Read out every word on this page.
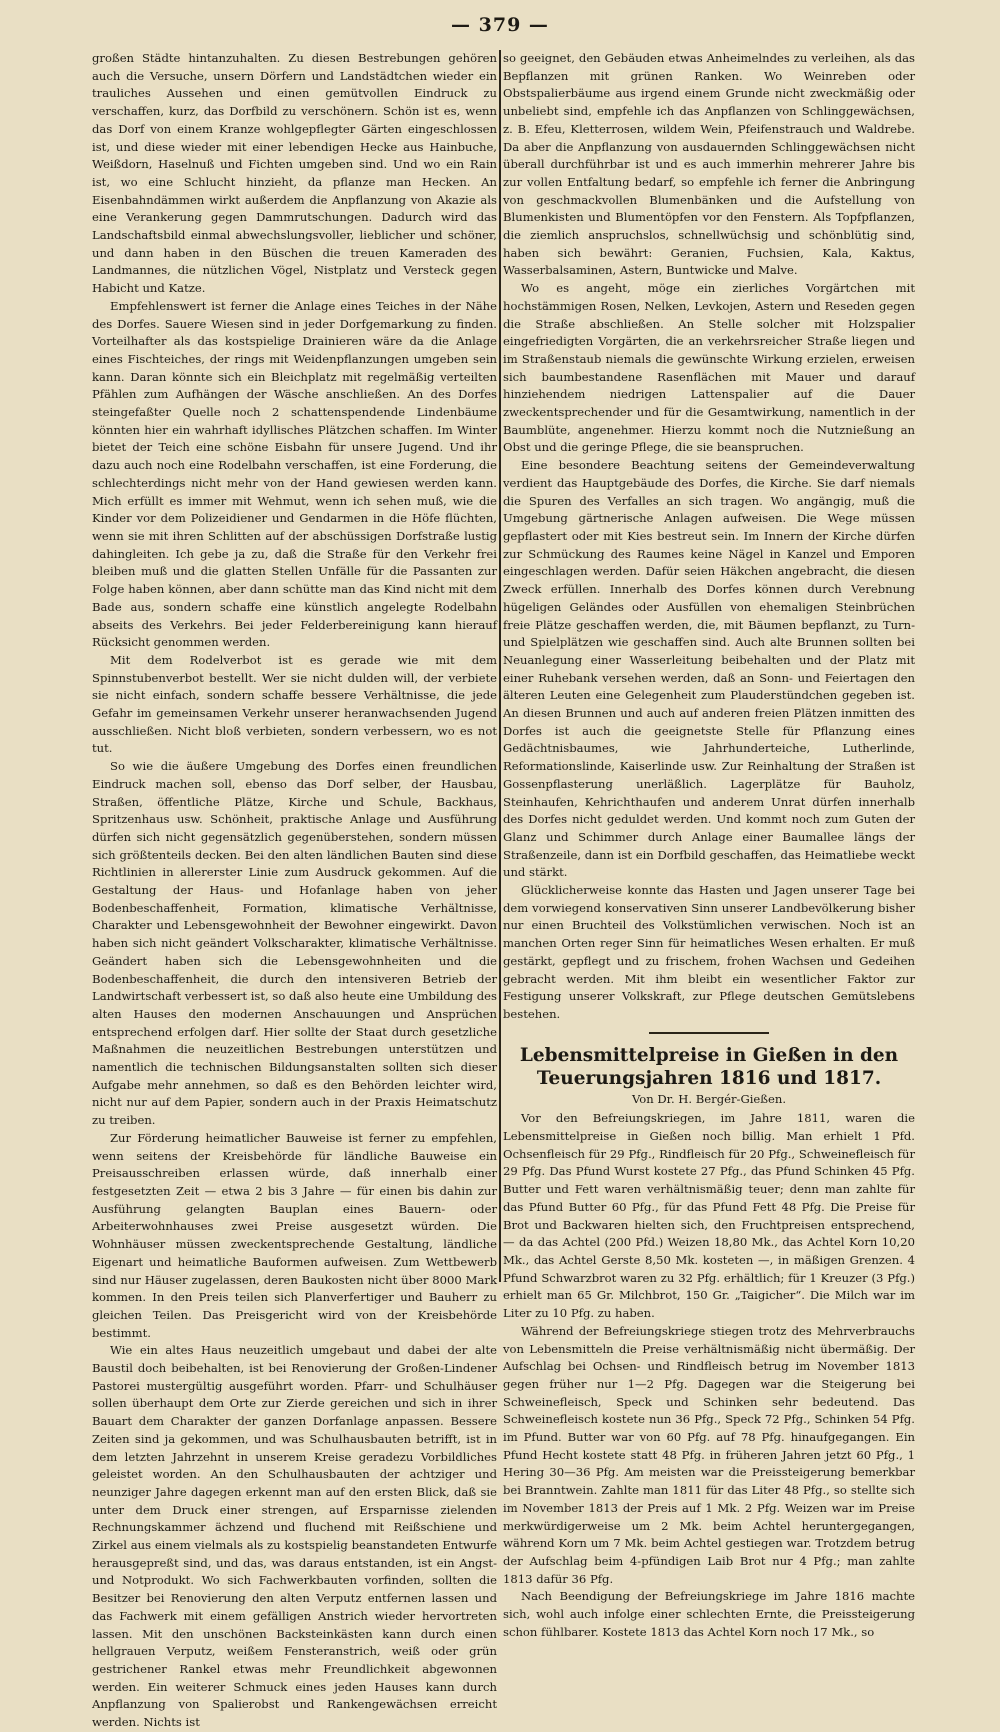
— 379 —

großen Städte hintanzuhalten. Zu diesen Bestrebungen gehören auch die Versuche, unsern Dörfern und Landstädtchen wieder ein trauliches Aussehen und einen gemütvollen Eindruck zu verschaffen, kurz, das Dorfbild zu verschönern. Schön ist es, wenn das Dorf von einem Kranze wohlgepflegter Gärten eingeschlossen ist, und diese wieder mit einer lebendigen Hecke aus Hainbuche, Weißdorn, Haselnuß und Fichten umgeben sind. Und wo ein Rain ist, wo eine Schlucht hinzieht, da pflanze man Hecken. An Eisenbahndämmen wirkt außerdem die Anpflanzung von Akazie als eine Verankerung gegen Dammrutschungen. Dadurch wird das Landschaftsbild einmal abwechslungsvoller, lieblicher und schöner, und dann haben in den Büschen die treuen Kameraden des Landmannes, die nützlichen Vögel, Nistplatz und Versteck gegen Habicht und Katze.

Empfehlenswert ist ferner die Anlage eines Teiches in der Nähe des Dorfes. Sauere Wiesen sind in jeder Dorfgemarkung zu finden. Vorteilhafter als das kostspielige Drainieren wäre da die Anlage eines Fischteiches, der rings mit Weidenpflanzungen umgeben sein kann. Daran könnte sich ein Bleichplatz mit regelmäßig verteilten Pfählen zum Aufhängen der Wäsche anschließen. An des Dorfes steingefaßter Quelle noch 2 schattenspendende Lindenbäume könnten hier ein wahrhaft idyllisches Plätzchen schaffen. Im Winter bietet der Teich eine schöne Eisbahn für unsere Jugend. Und ihr dazu auch noch eine Rodelbahn verschaffen, ist eine Forderung, die schlechterdings nicht mehr von der Hand gewiesen werden kann. Mich erfüllt es immer mit Wehmut, wenn ich sehen muß, wie die Kinder vor dem Polizeidiener und Gendarmen in die Höfe flüchten, wenn sie mit ihren Schlitten auf der abschüssigen Dorfstraße lustig dahingleiten. Ich gebe ja zu, daß die Straße für den Verkehr frei bleiben muß und die glatten Stellen Unfälle für die Passanten zur Folge haben können, aber dann schütte man das Kind nicht mit dem Bade aus, sondern schaffe eine künstlich angelegte Rodelbahn abseits des Verkehrs. Bei jeder Felderbereinigung kann hierauf Rücksicht genommen werden.

Mit dem Rodelverbot ist es gerade wie mit dem Spinnstubenverbot bestellt. Wer sie nicht dulden will, der verbiete sie nicht einfach, sondern schaffe bessere Verhältnisse, die jede Gefahr im gemeinsamen Verkehr unserer heranwachsenden Jugend ausschließen. Nicht bloß verbieten, sondern verbessern, wo es not tut.

So wie die äußere Umgebung des Dorfes einen freundlichen Eindruck machen soll, ebenso das Dorf selber, der Hausbau, Straßen, öffentliche Plätze, Kirche und Schule, Backhaus, Spritzenhaus usw. Schönheit, praktische Anlage und Ausführung dürfen sich nicht gegensätzlich gegenüberstehen, sondern müssen sich größtenteils decken. Bei den alten ländlichen Bauten sind diese Richtlinien in allererster Linie zum Ausdruck gekommen. Auf die Gestaltung der Haus- und Hofanlage haben von jeher Bodenbeschaffenheit, Formation, klimatische Verhältnisse, Charakter und Lebensgewohnheit der Bewohner eingewirkt. Davon haben sich nicht geändert Volkscharakter, klimatische Verhältnisse. Geändert haben sich die Lebensgewohnheiten und die Bodenbeschaffenheit, die durch den intensiveren Betrieb der Landwirtschaft verbessert ist, so daß also heute eine Umbildung des alten Hauses den modernen Anschauungen und Ansprüchen entsprechend erfolgen darf. Hier sollte der Staat durch gesetzliche Maßnahmen die neuzeitlichen Bestrebungen unterstützen und namentlich die technischen Bildungsanstalten sollten sich dieser Aufgabe mehr annehmen, so daß es den Behörden leichter wird, nicht nur auf dem Papier, sondern auch in der Praxis Heimatschutz zu treiben.

Zur Förderung heimatlicher Bauweise ist ferner zu empfehlen, wenn seitens der Kreisbehörde für ländliche Bauweise ein Preisausschreiben erlassen würde, daß innerhalb einer festgesetzten Zeit — etwa 2 bis 3 Jahre — für einen bis dahin zur Ausführung gelangten Bauplan eines Bauern- oder Arbeiterwohnhauses zwei Preise ausgesetzt würden. Die Wohnhäuser müssen zweckentsprechende Gestaltung, ländliche Eigenart und heimatliche Bauformen aufweisen. Zum Wettbewerb sind nur Häuser zugelassen, deren Baukosten nicht über 8000 Mark kommen. In den Preis teilen sich Planverfertiger und Bauherr zu gleichen Teilen. Das Preisgericht wird von der Kreisbehörde bestimmt.

Wie ein altes Haus neuzeitlich umgebaut und dabei der alte Baustil doch beibehalten, ist bei Renovierung der Großen-Lindener Pastorei mustergültig ausgeführt worden. Pfarr- und Schulhäuser sollen überhaupt dem Orte zur Zierde gereichen und sich in ihrer Bauart dem Charakter der ganzen Dorfanlage anpassen. Bessere Zeiten sind ja gekommen, und was Schulhausbauten betrifft, ist in dem letzten Jahrzehnt in unserem Kreise geradezu Vorbildliches geleistet worden. An den Schulhausbauten der achtziger und neunziger Jahre dagegen erkennt man auf den ersten Blick, daß sie unter dem Druck einer strengen, auf Ersparnisse zielenden Rechnungskammer ächzend und fluchend mit Reißschiene und Zirkel aus einem vielmals als zu kostspielig beanstandeten Entwurfe herausgepreßt sind, und das, was daraus entstanden, ist ein Angst- und Notprodukt. Wo sich Fachwerkbauten vorfinden, sollten die Besitzer bei Renovierung den alten Verputz entfernen lassen und das Fachwerk mit einem gefälligen Anstrich wieder hervortreten lassen. Mit den unschönen Backsteinkästen kann durch einen hellgrauen Verputz, weißem Fensteranstrich, weiß oder grün gestrichener Rankel etwas mehr Freundlichkeit abgewonnen werden. Ein weiterer Schmuck eines jeden Hauses kann durch Anpflanzung von Spalierobst und Rankengewächsen erreicht werden. Nichts ist

so geeignet, den Gebäuden etwas Anheimelndes zu verleihen, als das Bepflanzen mit grünen Ranken. Wo Weinreben oder Obstspalierbäume aus irgend einem Grunde nicht zweckmäßig oder unbeliebt sind, empfehle ich das Anpflanzen von Schlinggewächsen, z. B. Efeu, Kletterrosen, wildem Wein, Pfeifenstrauch und Waldrebe. Da aber die Anpflanzung von ausdauernden Schlinggewächsen nicht überall durchführbar ist und es auch immerhin mehrerer Jahre bis zur vollen Entfaltung bedarf, so empfehle ich ferner die Anbringung von geschmackvollen Blumenbänken und die Aufstellung von Blumenkisten und Blumentöpfen vor den Fenstern. Als Topfpflanzen, die ziemlich anspruchslos, schnellwüchsig und schönblütig sind, haben sich bewährt: Geranien, Fuchsien, Kala, Kaktus, Wasserbalsaminen, Astern, Buntwicke und Malve.

Wo es angeht, möge ein zierliches Vorgärtchen mit hochstämmigen Rosen, Nelken, Levkojen, Astern und Reseden gegen die Straße abschließen. An Stelle solcher mit Holzspalier eingefriedigten Vorgärten, die an verkehrsreicher Straße liegen und im Straßenstaub niemals die gewünschte Wirkung erzielen, erweisen sich baumbestandene Rasenflächen mit Mauer und darauf hinziehendem niedrigen Lattenspalier auf die Dauer zweckentsprechender und für die Gesamtwirkung, namentlich in der Baumblüte, angenehmer. Hierzu kommt noch die Nutznießung an Obst und die geringe Pflege, die sie beanspruchen.

Eine besondere Beachtung seitens der Gemeindeverwaltung verdient das Hauptgebäude des Dorfes, die Kirche. Sie darf niemals die Spuren des Verfalles an sich tragen. Wo angängig, muß die Umgebung gärtnerische Anlagen aufweisen. Die Wege müssen gepflastert oder mit Kies bestreut sein. Im Innern der Kirche dürfen zur Schmückung des Raumes keine Nägel in Kanzel und Emporen eingeschlagen werden. Dafür seien Häkchen angebracht, die diesen Zweck erfüllen. Innerhalb des Dorfes können durch Verebnung hügeligen Geländes oder Ausfüllen von ehemaligen Steinbrüchen freie Plätze geschaffen werden, die, mit Bäumen bepflanzt, zu Turn- und Spielplätzen wie geschaffen sind. Auch alte Brunnen sollten bei Neuanlegung einer Wasserleitung beibehalten und der Platz mit einer Ruhebank versehen werden, daß an Sonn- und Feiertagen den älteren Leuten eine Gelegenheit zum Plauderstündchen gegeben ist. An diesen Brunnen und auch auf anderen freien Plätzen inmitten des Dorfes ist auch die geeignetste Stelle für Pflanzung eines Gedächtnisbaumes, wie Jahrhunderteiche, Lutherlinde, Reformationslinde, Kaiserlinde usw. Zur Reinhaltung der Straßen ist Gossenpflasterung unerläßlich. Lagerplätze für Bauholz, Steinhaufen, Kehrichthaufen und anderem Unrat dürfen innerhalb des Dorfes nicht geduldet werden. Und kommt noch zum Guten der Glanz und Schimmer durch Anlage einer Baumallee längs der Straßenzeile, dann ist ein Dorfbild geschaffen, das Heimatliebe weckt und stärkt.

Glücklicherweise konnte das Hasten und Jagen unserer Tage bei dem vorwiegend konservativen Sinn unserer Landbevölkerung bisher nur einen Bruchteil des Volkstümlichen verwischen. Noch ist an manchen Orten reger Sinn für heimatliches Wesen erhalten. Er muß gestärkt, gepflegt und zu frischem, frohen Wachsen und Gedeihen gebracht werden. Mit ihm bleibt ein wesentlicher Faktor zur Festigung unserer Volkskraft, zur Pflege deutschen Gemütslebens bestehen.

Lebensmittelpreise in Gießen in den Teuerungsjahren 1816 und 1817.
Von Dr. H. Bergér-Gießen.

Vor den Befreiungskriegen, im Jahre 1811, waren die Lebensmittelpreise in Gießen noch billig. Man erhielt 1 Pfd. Ochsenfleisch für 29 Pfg., Rindfleisch für 20 Pfg., Schweinefleisch für 29 Pfg. Das Pfund Wurst kostete 27 Pfg., das Pfund Schinken 45 Pfg. Butter und Fett waren verhältnismäßig teuer; denn man zahlte für das Pfund Butter 60 Pfg., für das Pfund Fett 48 Pfg. Die Preise für Brot und Backwaren hielten sich, den Fruchtpreisen entsprechend, — da das Achtel (200 Pfd.) Weizen 18,80 Mk., das Achtel Korn 10,20 Mk., das Achtel Gerste 8,50 Mk. kosteten —, in mäßigen Grenzen. 4 Pfund Schwarzbrot waren zu 32 Pfg. erhältlich; für 1 Kreuzer (3 Pfg.) erhielt man 65 Gr. Milchbrot, 150 Gr. „Taigicher“. Die Milch war im Liter zu 10 Pfg. zu haben.

Während der Befreiungskriege stiegen trotz des Mehrverbrauchs von Lebensmitteln die Preise verhältnismäßig nicht übermäßig. Der Aufschlag bei Ochsen- und Rindfleisch betrug im November 1813 gegen früher nur 1—2 Pfg. Dagegen war die Steigerung bei Schweinefleisch, Speck und Schinken sehr bedeutend. Das Schweinefleisch kostete nun 36 Pfg., Speck 72 Pfg., Schinken 54 Pfg. im Pfund. Butter war von 60 Pfg. auf 78 Pfg. hinaufgegangen. Ein Pfund Hecht kostete statt 48 Pfg. in früheren Jahren jetzt 60 Pfg., 1 Hering 30—36 Pfg. Am meisten war die Preissteigerung bemerkbar bei Branntwein. Zahlte man 1811 für das Liter 48 Pfg., so stellte sich im November 1813 der Preis auf 1 Mk. 2 Pfg. Weizen war im Preise merkwürdigerweise um 2 Mk. beim Achtel heruntergegangen, während Korn um 7 Mk. beim Achtel gestiegen war. Trotzdem betrug der Aufschlag beim 4-pfündigen Laib Brot nur 4 Pfg.; man zahlte 1813 dafür 36 Pfg.

Nach Beendigung der Befreiungskriege im Jahre 1816 machte sich, wohl auch infolge einer schlechten Ernte, die Preissteigerung schon fühlbarer. Kostete 1813 das Achtel Korn noch 17 Mk., so
